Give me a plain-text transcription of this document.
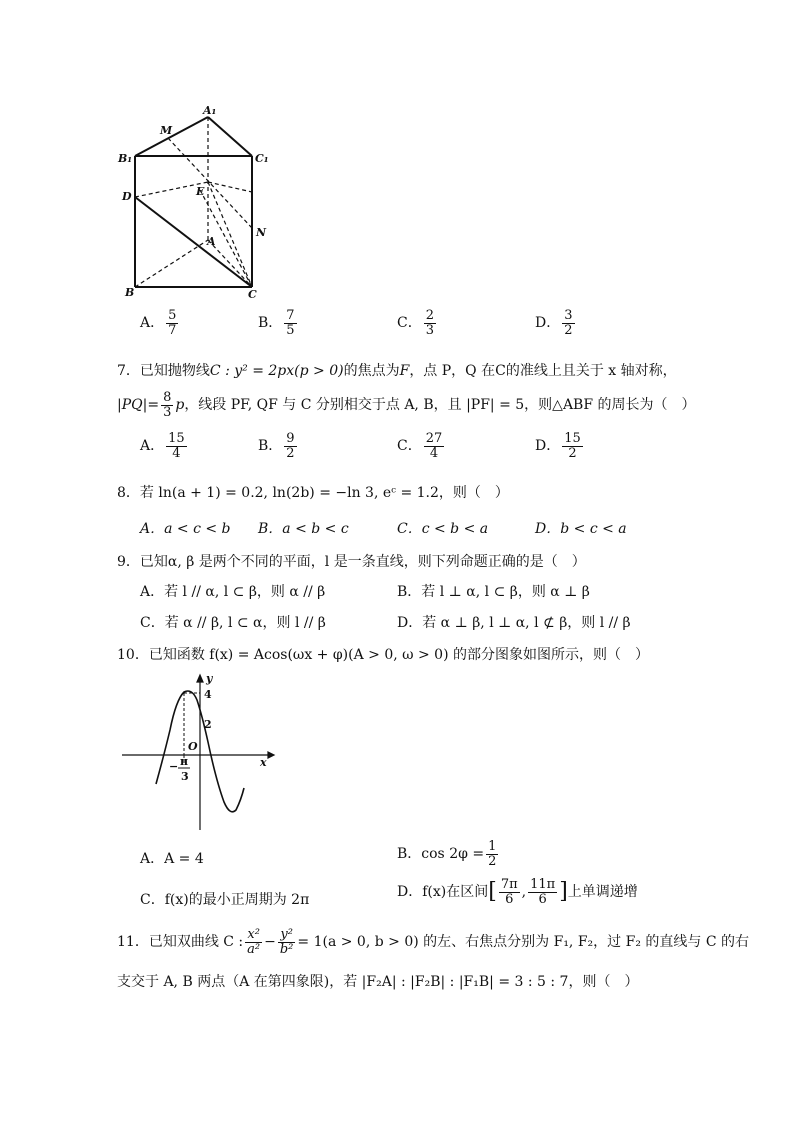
A₁
M
B₁	C₁
D	E
N
A
B	C
A． $\frac{5}{7}$	B． $\frac{7}{5}$	C． $\frac{2}{3}$	D． $\frac{3}{2}$
7．已知抛物线C : y² = 2px(p > 0)的焦点为F，点 P，Q 在C的准线上且关于 x 轴对称，
$|PQ|= \frac{8}{3}$ p，线段 PF, QF 与 C 分别相交于点 A, B，且 |PF| = 5，则△ABF 的周长为（　）
A． $\frac{15}{4}$	B． $\frac{9}{2}$	C． $\frac{27}{4}$	D． $\frac{15}{2}$
8．若 ln(a + 1) = 0.2, ln(2b) = −ln 3, eᶜ = 1.2，则（　）
A．a < c < b B．a < b < c	C．c < b < a	D．b < c < a
9．已知α, β 是两个不同的平面，l 是一条直线，则下列命题正确的是（　）
A．若 l // α, l ⊂ β，则 α // β	B．若 l ⊥ α, l ⊂ β，则 α ⊥ β
C．若 α // β, l ⊂ α，则 l // β	D．若 α ⊥ β, l ⊥ α, l ⊄ β，则 l // β
10．已知函数 f(x) = Acos(ωx + φ)(A > 0, ω > 0) 的部分图象如图所示，则（　）
y
x
4
2
O
− π
3
A．A = 4	B．$\cos 2\varphi = \frac{1}{2}$
C．f(x)的最小正周期为 2π	D．f(x)在区间[ $\frac{7\pi}{6}$ , $\frac{11\pi}{6}$ ]上单调递增
11．已知双曲线 C : $\frac{\text{x²}}{\text{a²}} - \frac{\text{y²}}{\text{b²}} = 1(a > 0$, b > 0) 的左、右焦点分别为 F₁, F₂，过 F₂ 的直线与 C 的右
支交于 A, B 两点（A 在第四象限)，若 |F₂A| : |F₂B| : |F₁B| = 3 : 5 : 7，则（　）
